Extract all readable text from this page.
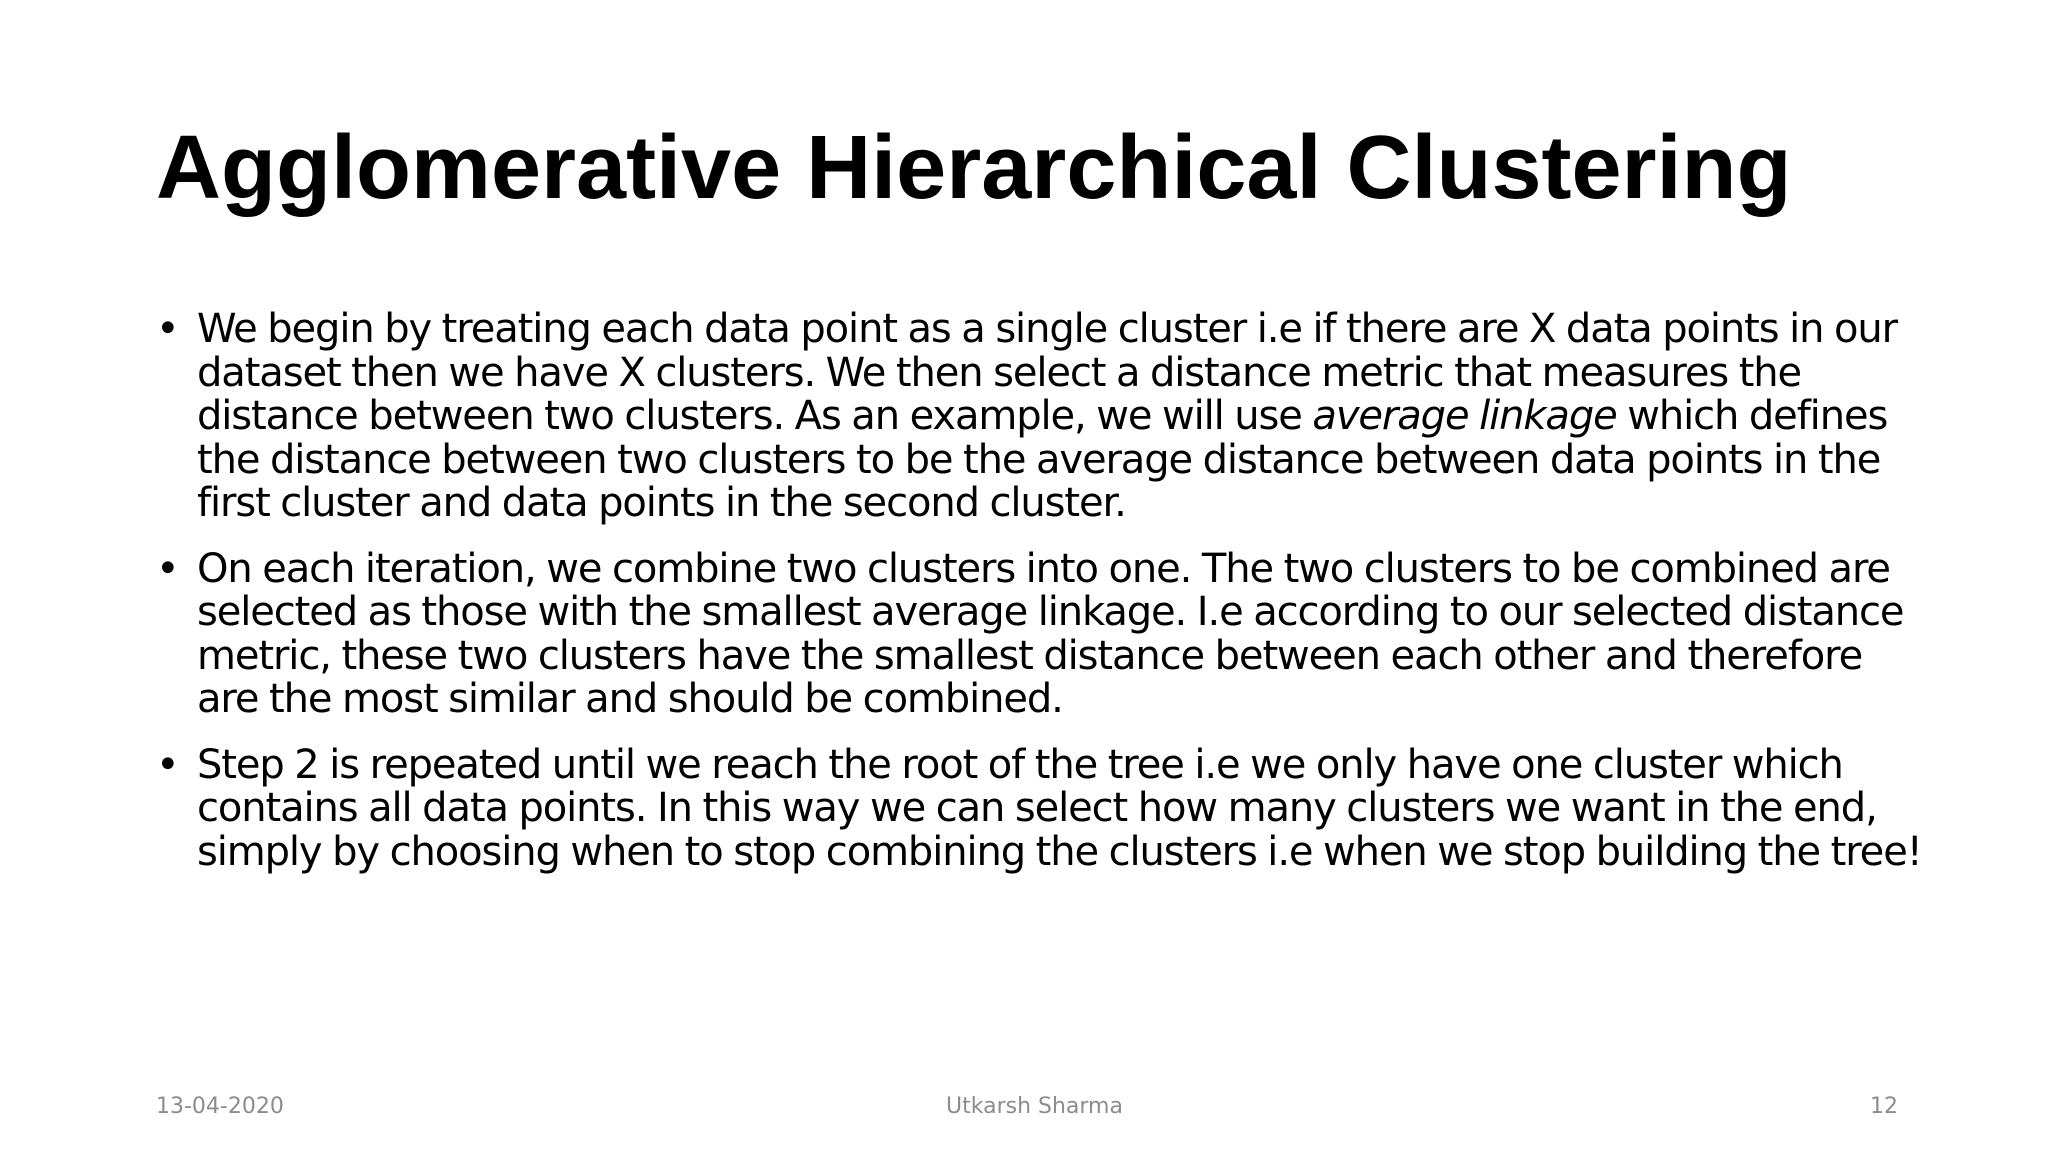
Agglomerative Hierarchical Clustering
• We begin by treating each data point as a single cluster i.e if there are X data points in our dataset then we have X clusters. We then select a distance metric that measures the distance between two clusters. As an example, we will use average linkage which defines the distance between two clusters to be the average distance between data points in the first cluster and data points in the second cluster.
• On each iteration, we combine two clusters into one. The two clusters to be combined are selected as those with the smallest average linkage. I.e according to our selected distance metric, these two clusters have the smallest distance between each other and therefore are the most similar and should be combined.
• Step 2 is repeated until we reach the root of the tree i.e we only have one cluster which contains all data points. In this way we can select how many clusters we want in the end, simply by choosing when to stop combining the clusters i.e when we stop building the tree!
13-04-2020	Utkarsh Sharma	12
